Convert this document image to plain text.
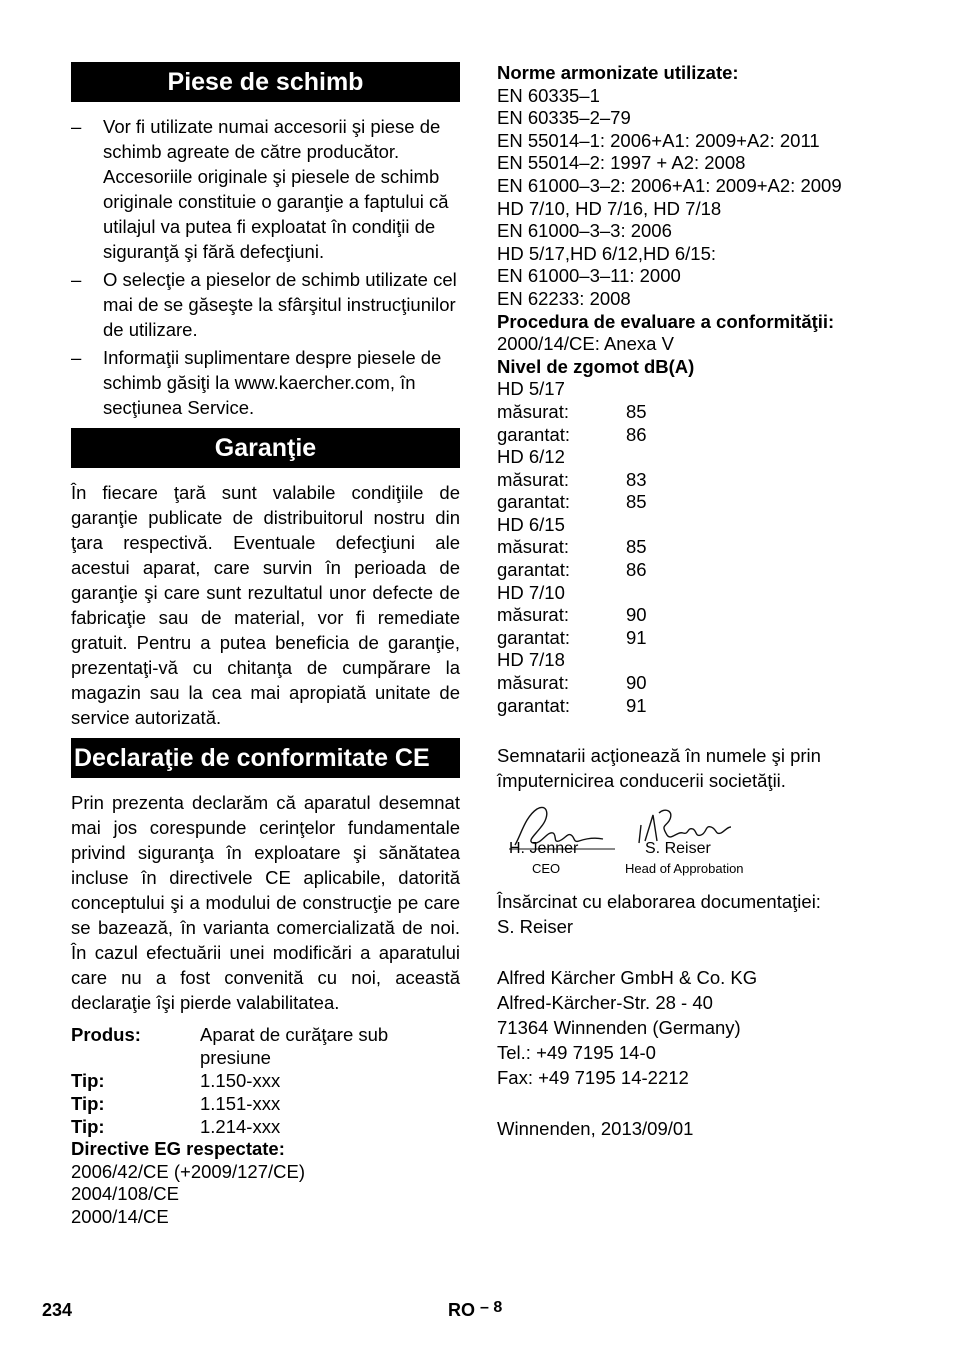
Piese de schimb
–	Vor fi utilizate numai accesorii şi piese de schimb agreate de către producător. Accesoriile originale şi piesele de schimb originale constituie o garanţie a faptului că utilajul va putea fi exploatat în condiţii de siguranţă şi fără defecţiuni.
–	O selecţie a pieselor de schimb utilizate cel mai de se găseşte la sfârşitul instrucţiunilor de utilizare.
–	Informaţii suplimentare despre piesele de schimb găsiţi la www.kaercher.com, în secţiunea Service.
Garanţie

În fiecare ţară sunt valabile condiţiile de garanţie publicate de distribuitorul nostru din ţara respectivă. Eventuale defecţiuni ale acestui aparat, care survin în perioada de garanţie şi care sunt rezultatul unor defecte de fabricaţie sau de material, vor fi remediate gratuit. Pentru a putea beneficia de garanţie, prezentaţi-vă cu chitanţa de cumpărare la magazin sau la cea mai apropiată unitate de service autorizată.

Declaraţie de conformitate CE

Prin prezenta declarăm că aparatul desemnat mai jos corespunde cerinţelor fundamentale privind siguranţa în exploatare şi sănătatea incluse în directivele CE aplicabile, datorită conceptului şi a modului de construcţie pe care se bazează, în varianta comercializată de noi. În cazul efectuării unei modificări a aparatului care nu a fost convenită cu noi, această declaraţie îşi pierde valabilitatea.

Produs:	Aparat de curăţare sub presiune
Tip:	1.150-xxx
Tip:	1.151-xxx
Tip:	1.214-xxx
Directive EG respectate:
2006/42/CE (+2009/127/CE)
2004/108/CE
2000/14/CE
Norme armonizate utilizate:
EN 60335–1
EN 60335–2–79
EN 55014–1: 2006+A1: 2009+A2: 2011
EN 55014–2: 1997 + A2: 2008
EN 61000–3–2: 2006+A1: 2009+A2: 2009
HD 7/10, HD 7/16, HD 7/18
EN 61000–3–3: 2006
HD 5/17,HD 6/12,HD 6/15:
EN 61000–3–11: 2000
EN 62233: 2008
Procedura de evaluare a conformităţii:
2000/14/CE: Anexa V
Nivel de zgomot dB(A)
HD 5/17
măsurat:	85
garantat:	86
HD 6/12
măsurat:	83
garantat:	85
HD 6/15
măsurat:	85
garantat:	86
HD 7/10
măsurat:	90
garantat:	91
HD 7/18
măsurat:	90
garantat:	91

Semnatarii acţionează în numele şi prin împuternicirea conducerii societăţii.

H. Jenner	S. Reiser
CEO	Head of Approbation
Însărcinat cu elaborarea documentaţiei:
S. Reiser
Alfred Kärcher GmbH & Co. KG
Alfred-Kärcher-Str. 28 - 40
71364 Winnenden (Germany)
Tel.: +49 7195 14-0
Fax: +49 7195 14-2212
Winnenden, 2013/09/01
234	RO – 8
